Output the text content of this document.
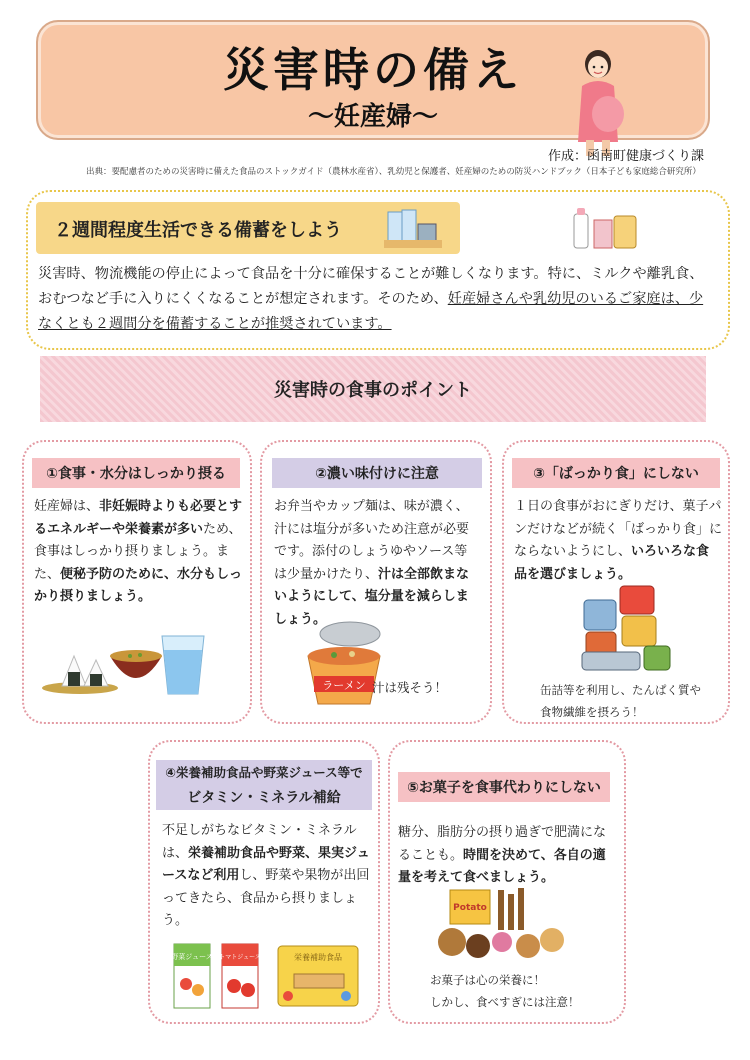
災害時の備え
～妊産婦～
作成：函南町健康づくり課
出典：要配慮者のための災害時に備えた食品のストックガイド（農林水産省）、乳幼児と保護者、妊産婦のための防災ハンドブック（日本子ども家庭総合研究所）
２週間程度生活できる備蓄をしよう
災害時、物流機能の停止によって食品を十分に確保することが難しくなります。特に、ミルクや離乳食、おむつなど手に入りにくくなることが想定されます。そのため、妊産婦さんや乳幼児のいるご家庭は、少なくとも２週間分を備蓄することが推奨されています。
災害時の食事のポイント
①食事・水分はしっかり摂る
妊産婦は、非妊娠時よりも必要とするエネルギーや栄養素が多いため、食事はしっかり摂りましょう。また、便秘予防のために、水分もしっかり摂りましょう。
②濃い味付けに注意
お弁当やカップ麺は、味が濃く、汁には塩分が多いため注意が必要です。添付のしょうゆやソース等は少量かけたり、汁は全部飲まないようにして、塩分量を減らしましょう。
ラーメン 汁は残そう！
③「ばっかり食」にしない
１日の食事がおにぎりだけ、菓子パンだけなどが続く「ばっかり食」にならないようにし、いろいろな食品を選びましょう。
缶詰等を利用し、たんぱく質や
食物繊維を摂ろう！
④栄養補助食品や野菜ジュース等で
ビタミン・ミネラル補給
不足しがちなビタミン・ミネラルは、栄養補助食品や野菜、果実ジュースなど利用し、野菜や果物が出回ってきたら、食品から摂りましょう。
野菜ジュース トマトジュース	栄養補助食品
⑤お菓子を食事代わりにしない
糖分、脂肪分の摂り過ぎで肥満になることも。時間を決めて、各自の適量を考えて食べましょう。
Potato
お菓子は心の栄養に！
しかし、食べすぎには注意！
